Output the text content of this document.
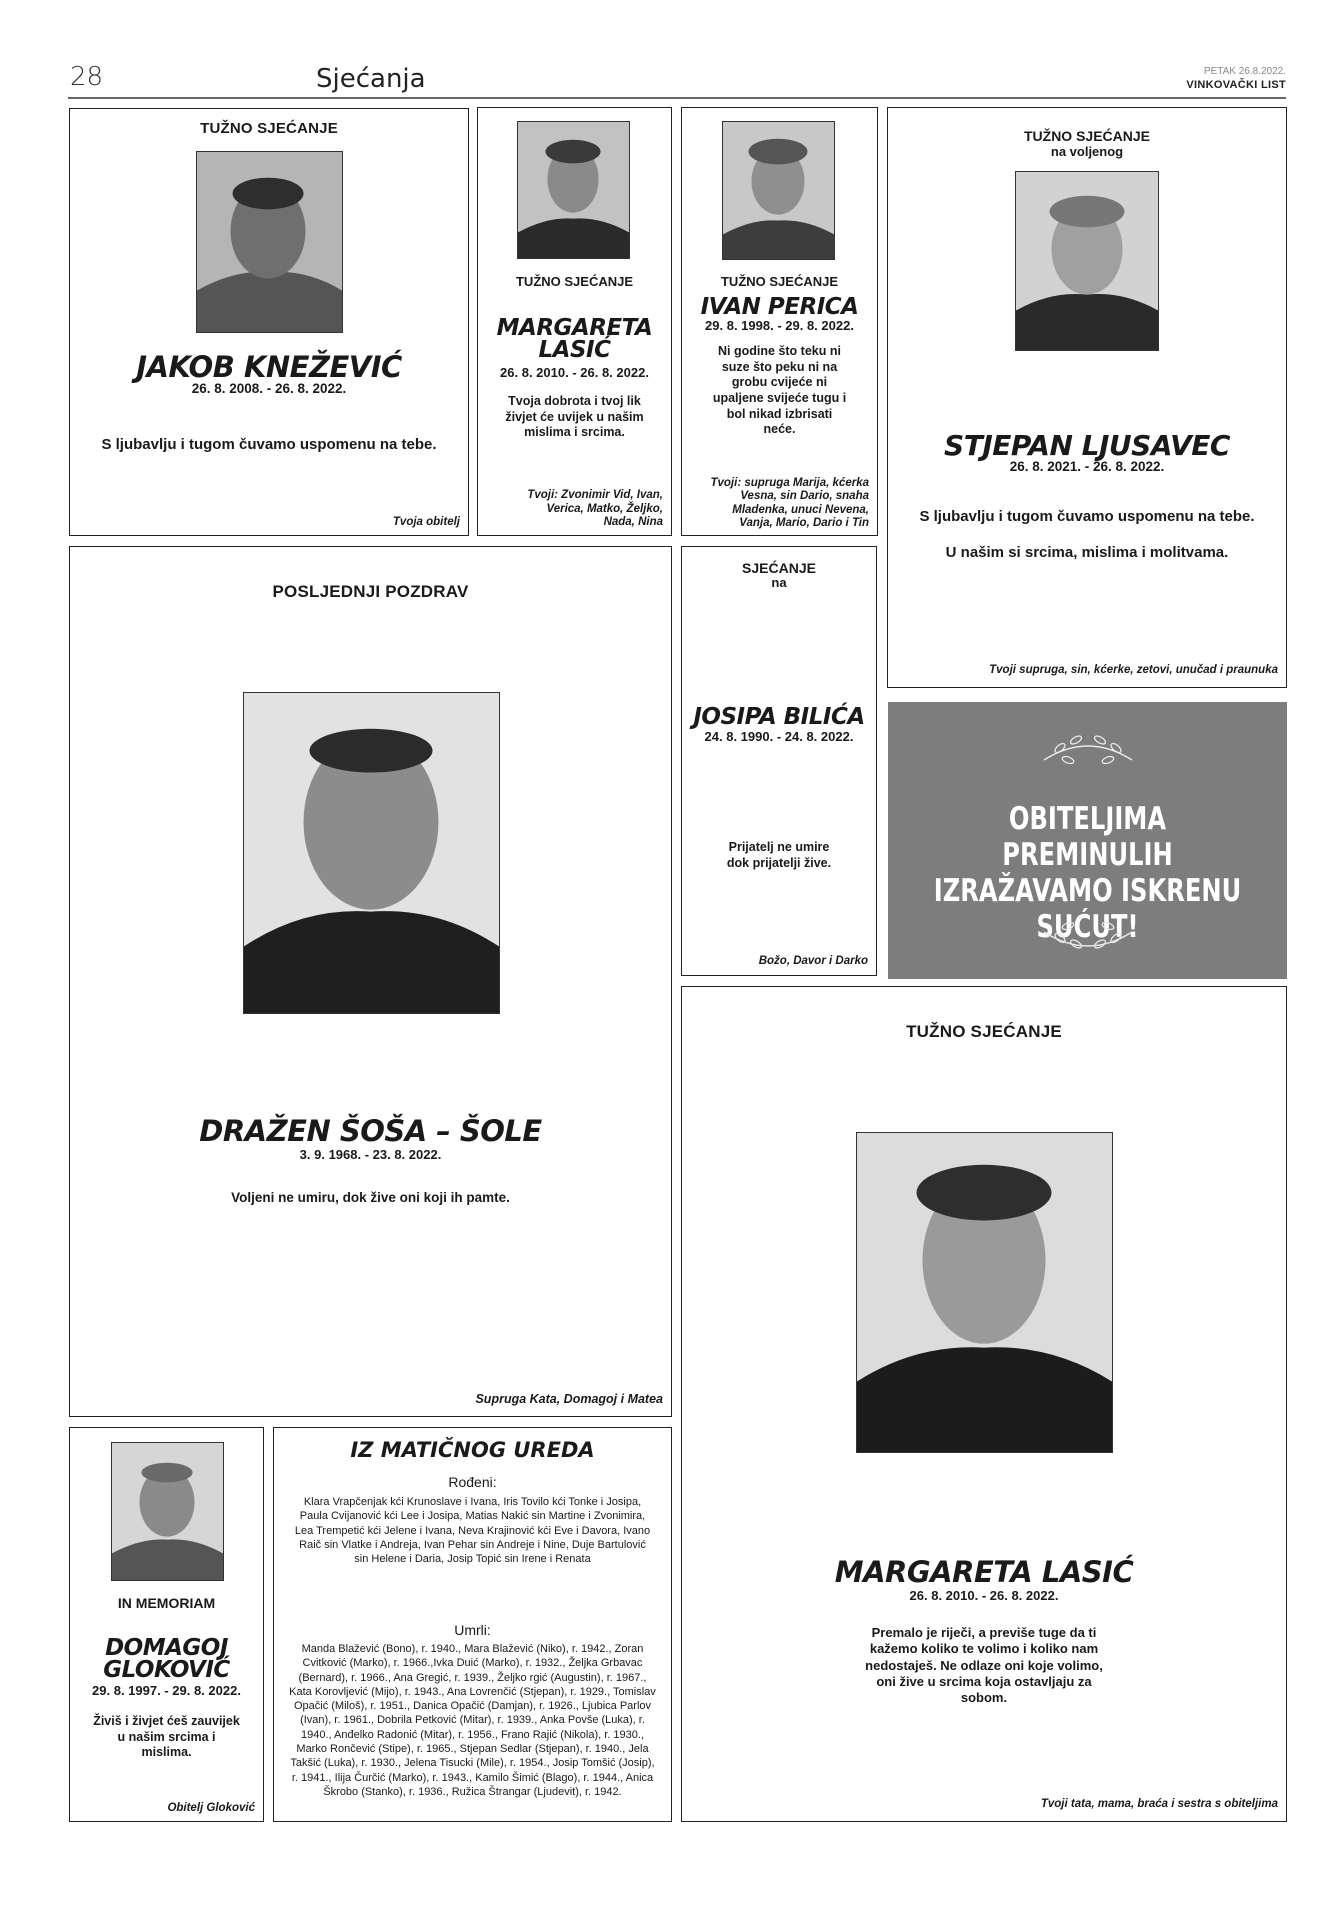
28	Sjećanja	PETAK 26.8.2022.
VINKOVAČKI LIST
TUŽNO SJEĆANJE
JAKOB KNEŽEVIĆ
26. 8. 2008. - 26. 8. 2022.
S ljubavlju i tugom čuvamo uspomenu na tebe.
Tvoja obitelj
TUŽNO SJEĆANJE
MARGARETA
LASIĆ
26. 8. 2010. - 26. 8. 2022.
Tvoja dobrota i tvoj lik živjet će uvijek u našim mislima i srcima.
Tvoji: Zvonimir Vid, Ivan, Verica, Matko, Željko, Nada, Nina
TUŽNO SJEĆANJE
IVAN PERICA
29. 8. 1998. - 29. 8. 2022.
Ni godine što teku ni suze što peku ni na grobu cvijeće ni upaljene svijeće tugu i bol nikad izbrisati neće.
Tvoji: supruga Marija, kćerka Vesna, sin Dario, snaha Mladenka, unuci Nevena, Vanja, Mario, Dario i Tin
TUŽNO SJEĆANJE
na voljenog
STJEPAN LJUSAVEC
26. 8. 2021. - 26. 8. 2022.
S ljubavlju i tugom čuvamo uspomenu na tebe.
U našim si srcima, mislima i molitvama.
Tvoji supruga, sin, kćerke, zetovi, unučad i praunuka
POSLJEDNJI POZDRAV
DRAŽEN ŠOŠA – ŠOLE
3. 9. 1968. - 23. 8. 2022.
Voljeni ne umiru, dok žive oni koji ih pamte.
Supruga Kata, Domagoj i Matea
SJEĆANJE
na
JOSIPA BILIĆA
24. 8. 1990. - 24. 8. 2022.
Prijatelj ne umire dok prijatelji žive.
Božo, Davor i Darko
OBITELJIMA PREMINULIH
IZRAŽAVAMO ISKRENU SUĆUT!
TUŽNO SJEĆANJE
MARGARETA LASIĆ
26. 8. 2010. - 26. 8. 2022.
Premalo je riječi, a previše tuge da ti kažemo koliko te volimo i koliko nam nedostaješ. Ne odlaze oni koje volimo, oni žive u srcima koja ostavljaju za sobom.
Tvoji tata, mama, braća i sestra s obiteljima
IN MEMORIAM
DOMAGOJ
GLOKOVIĆ
29. 8. 1997. - 29. 8. 2022.
Živiš i živjet ćeš zauvijek u našim srcima i mislima.
Obitelj Gloković
IZ MATIČNOG UREDA
Rođeni:
Klara Vrapčenjak kći Krunoslave i Ivana, Iris Tovilo kći Tonke i Josipa, Paula Cvijanović kći Lee i Josipa, Matias Nakić sin Martine i Zvonimira, Lea Trempetić kći Jelene i Ivana, Neva Krajinović kći Eve i Davora, Ivano Raič sin Vlatke i Andreja, Ivan Pehar sin Andreje i Nine, Duje Bartulović sin Helene i Daria, Josip Topić sin Irene i Renata
Umrli:
Manda Blažević (Bono), r. 1940., Mara Blažević (Niko), r. 1942., Zoran Cvitković (Marko), r. 1966.,Ivka Duić (Marko), r. 1932., Željka Grbavac (Bernard), r. 1966., Ana Gregić, r. 1939., Željko rgić (Augustin), r. 1967., Kata Korovljević (Mijo), r. 1943., Ana Lovrenčić (Stjepan), r. 1929., Tomislav Opačić (Miloš), r. 1951., Danica Opačić (Damjan), r. 1926., Ljubica Parlov (Ivan), r. 1961., Dobrila Petković (Mitar), r. 1939., Anka Povše (Luka), r. 1940., Anđelko Radonić (Mitar), r. 1956., Frano Rajić (Nikola), r. 1930., Marko Rončević (Stipe), r. 1965., Stjepan Sedlar (Stjepan), r. 1940., Jela Takšić (Luka), r. 1930., Jelena Tisucki (Mile), r. 1954., Josip Tomšić (Josip), r. 1941., Ilija Čurčić (Marko), r. 1943., Kamilo Šimić (Blago), r. 1944., Anica Škrobo (Stanko), r. 1936., Ružica Štrangar (Ljudevit), r. 1942.
